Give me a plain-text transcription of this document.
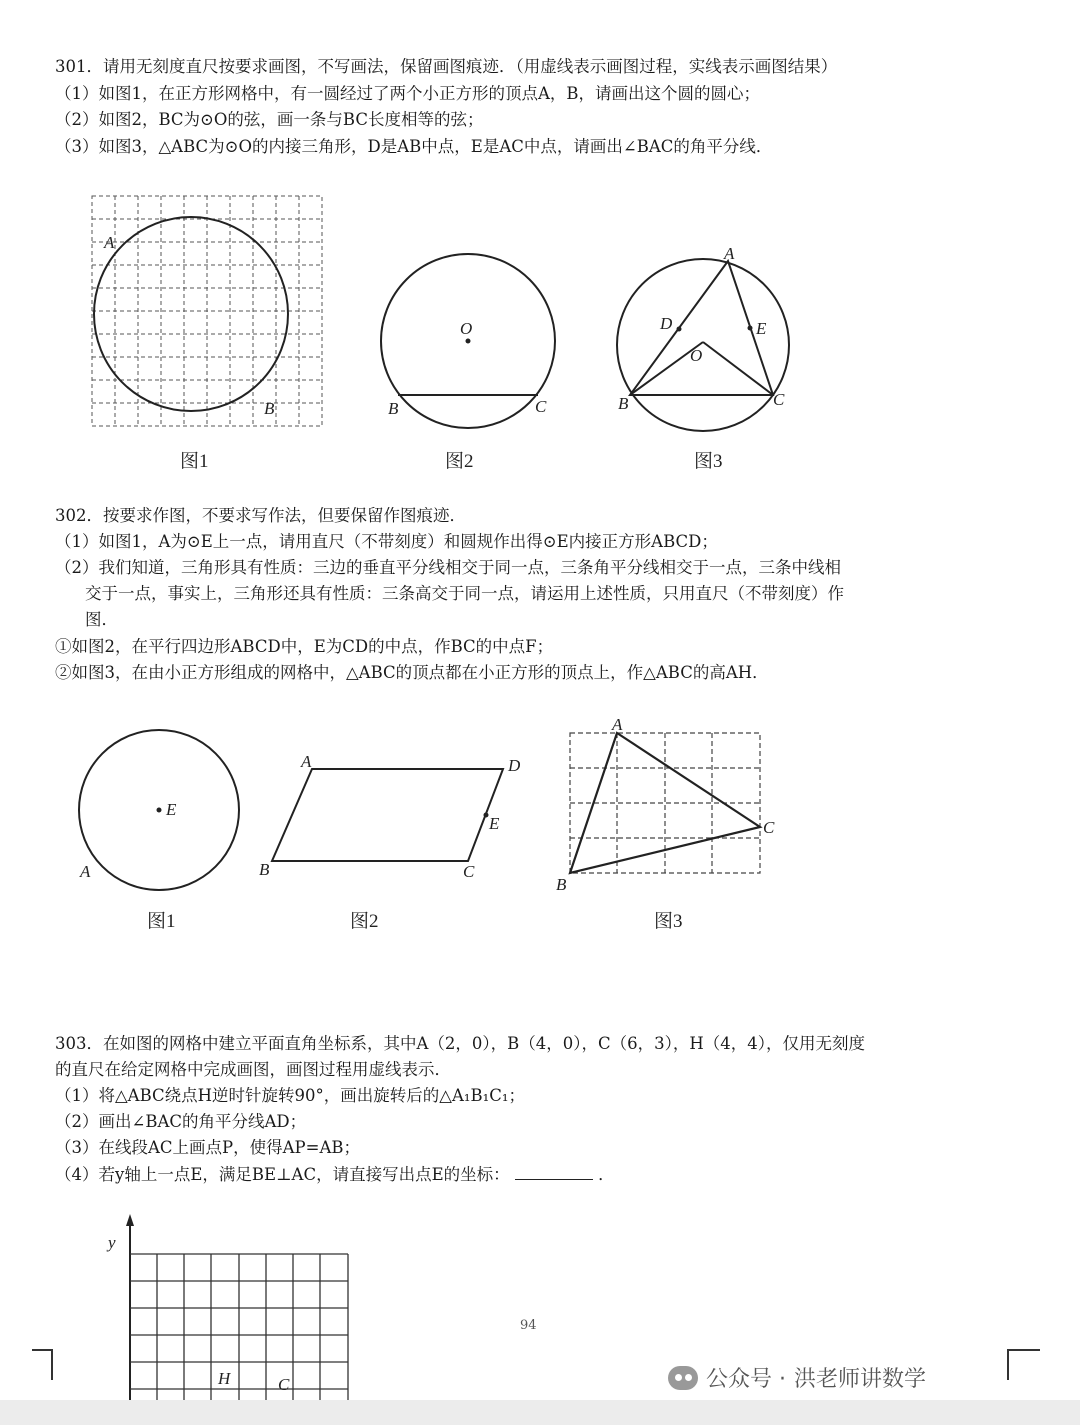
301．请用无刻度直尺按要求画图，不写画法，保留画图痕迹．（用虚线表示画图过程，实线表示画图结果）
（1）如图1，在正方形网格中，有一圆经过了两个小正方形的顶点A，B，请画出这个圆的圆心；
（2）如图2，BC为⊙O的弦，画一条与BC长度相等的弦；
（3）如图3，△ABC为⊙O的内接三角形，D是AB中点，E是AC中点，请画出∠BAC的角平分线．
A
B
图1
O
B	C
图2
A
D	E
O
B	C
图3
302．按要求作图，不要求写作法，但要保留作图痕迹．
（1）如图1，A为⊙E上一点，请用直尺（不带刻度）和圆规作出得⊙E内接正方形ABCD；
（2）我们知道，三角形具有性质：三边的垂直平分线相交于同一点，三条角平分线相交于一点，三条中线相
交于一点，事实上，三角形还具有性质：三条高交于同一点，请运用上述性质，只用直尺（不带刻度）作
图．
①如图2，在平行四边形ABCD中，E为CD的中点，作BC的中点F；
②如图3，在由小正方形组成的网格中，△ABC的顶点都在小正方形的顶点上，作△ABC的高AH．
E
A
图1
A	D
E
B	C
图2
A
C
B
图3
303．在如图的网格中建立平面直角坐标系，其中A（2，0），B（4，0），C（6，3），H（4，4），仅用无刻度
的直尺在给定网格中完成画图，画图过程用虚线表示．
（1）将△ABC绕点H逆时针旋转90°，画出旋转后的△A₁B₁C₁；
（2）画出∠BAC的角平分线AD；
（3）在线段AC上画点P，使得AP=AB；
（4）若y轴上一点E，满足BE⊥AC，请直接写出点E的坐标：	．
y
H	C
94
公众号 · 洪老师讲数学
